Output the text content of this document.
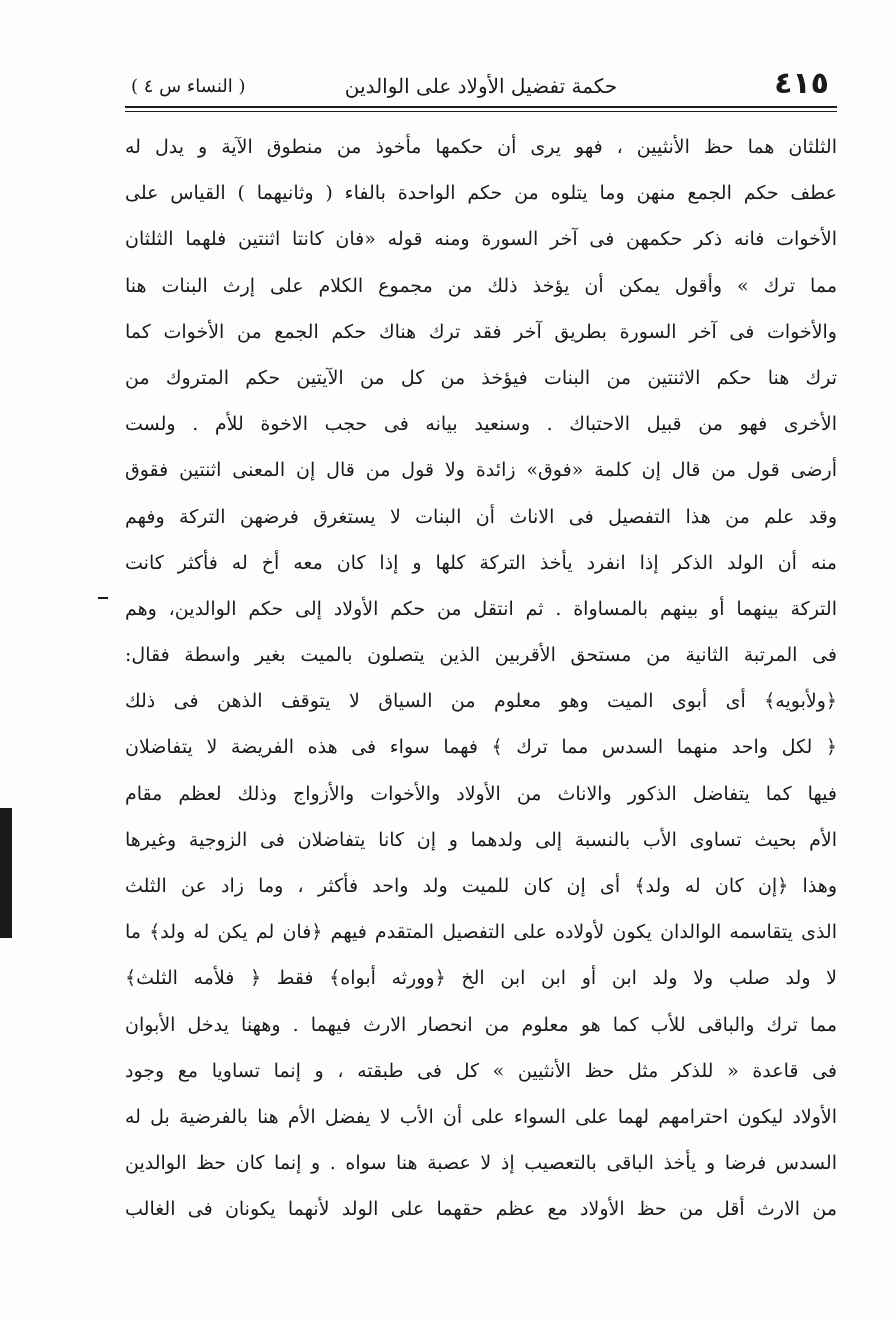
٤١٥
حكمة تفضيل الأولاد على الوالدين
( النساء س ٤ )
الثلثان هما حظ الأنثيين ، فهو يرى أن حكمها مأخوذ من منطوق الآية و يدل له
عطف حكم الجمع منهن وما يتلوه من حكم الواحدة بالفاء ( وثانيهما ) القياس على
الأخوات فانه ذكر حكمهن فى آخر السورة ومنه قوله «فان كانتا اثنتين فلهما الثلثان
مما ترك » وأقول يمكن أن يؤخذ ذلك من مجموع الكلام على إرث البنات هنا
والأخوات فى آخر السورة بطريق آخر فقد ترك هناك حكم الجمع من الأخوات كما
ترك هنا حكم الاثنتين من البنات فيؤخذ من كل من الآيتين حكم المتروك من
الأخرى فهو من قبيل الاحتباك . وسنعيد بيانه فى حجب الاخوة للأم . ولست
أرضى قول من قال إن كلمة «فوق» زائدة ولا قول من قال إن المعنى اثنتين فقوق
وقد علم من هذا التفصيل فى الاناث أن البنات لا يستغرق فرضهن التركة وفهم
منه أن الولد الذكر إذا انفرد يأخذ التركة كلها و إذا كان معه أخ له فأكثر كانت
التركة بينهما أو بينهم بالمساواة . ثم انتقل من حكم الأولاد إلى حكم الوالدين، وهم
فى المرتبة الثانية من مستحق الأقربين الذين يتصلون بالميت بغير واسطة فقال:
﴿ولأبويه﴾ أى أبوى الميت وهو معلوم من السياق لا يتوقف الذهن فى ذلك
﴿ لكل واحد منهما السدس مما ترك ﴾ فهما سواء فى هذه الفريضة لا يتفاضلان
فيها كما يتفاضل الذكور والاناث من الأولاد والأخوات والأزواج وذلك لعظم مقام
الأم بحيث تساوى الأب بالنسبة إلى ولدهما و إن كانا يتفاضلان فى الزوجية وغيرها
وهذا ﴿إن كان له ولد﴾ أى إن كان للميت ولد واحد فأكثر ، وما زاد عن الثلث
الذى يتقاسمه الوالدان يكون لأولاده على التفصيل المتقدم فيهم ﴿فان لم يكن له ولد﴾ ما
لا ولد صلب ولا ولد ابن أو ابن ابن الخ ﴿وورثه أبواه﴾ فقط ﴿ فلأمه الثلث﴾
مما ترك والباقى للأب كما هو معلوم من انحصار الارث فيهما . وههنا يدخل الأبوان
فى قاعدة « للذكر مثل حظ الأنثيين » كل فى طبقته ، و إنما تساويا مع وجود
الأولاد ليكون احترامهم لهما على السواء على أن الأب لا يفضل الأم هنا بالفرضية بل له
السدس فرضا و يأخذ الباقى بالتعصيب إذ لا عصبة هنا سواه . و إنما كان حظ الوالدين
من الارث أقل من حظ الأولاد مع عظم حقهما على الولد لأنهما يكونان فى الغالب
